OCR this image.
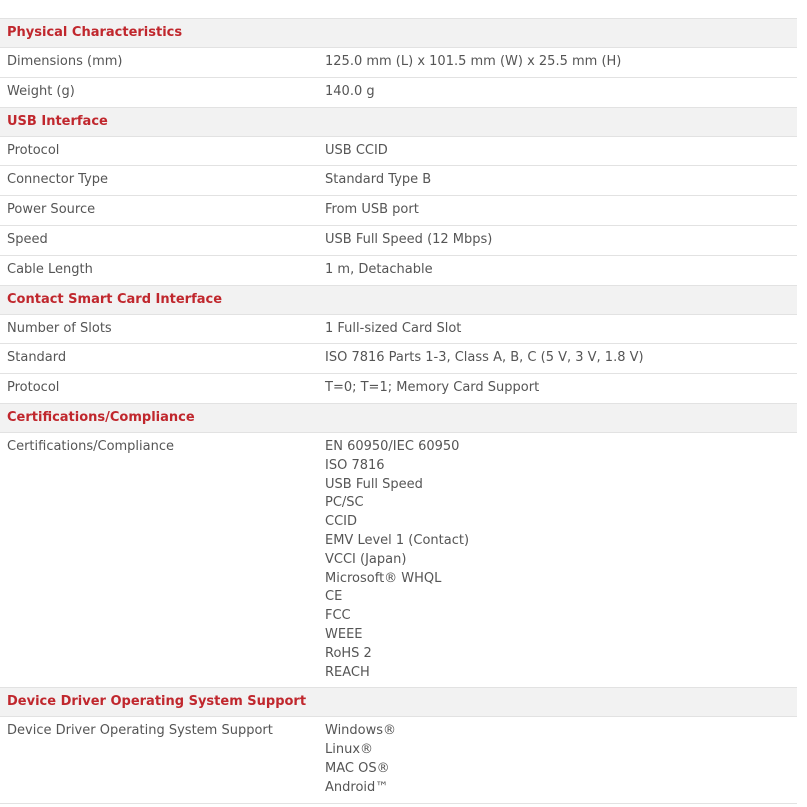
Physical Characteristics
Dimensions (mm)	125.0 mm (L) x 101.5 mm (W) x 25.5 mm (H)
Weight (g)	140.0 g
USB Interface
Protocol	USB CCID
Connector Type	Standard Type B
Power Source	From USB port
Speed	USB Full Speed (12 Mbps)
Cable Length	1 m, Detachable
Contact Smart Card Interface
Number of Slots	1 Full-sized Card Slot
Standard	ISO 7816 Parts 1-3, Class A, B, C (5 V, 3 V, 1.8 V)
Protocol	T=0; T=1; Memory Card Support
Certifications/Compliance
Certifications/Compliance	EN 60950/IEC 60950
ISO 7816
USB Full Speed
PC/SC
CCID
EMV Level 1 (Contact)
VCCI (Japan)
Microsoft® WHQL
CE
FCC
WEEE
RoHS 2
REACH
Device Driver Operating System Support
Device Driver Operating System Support	Windows®
Linux®
MAC OS®
Android™
